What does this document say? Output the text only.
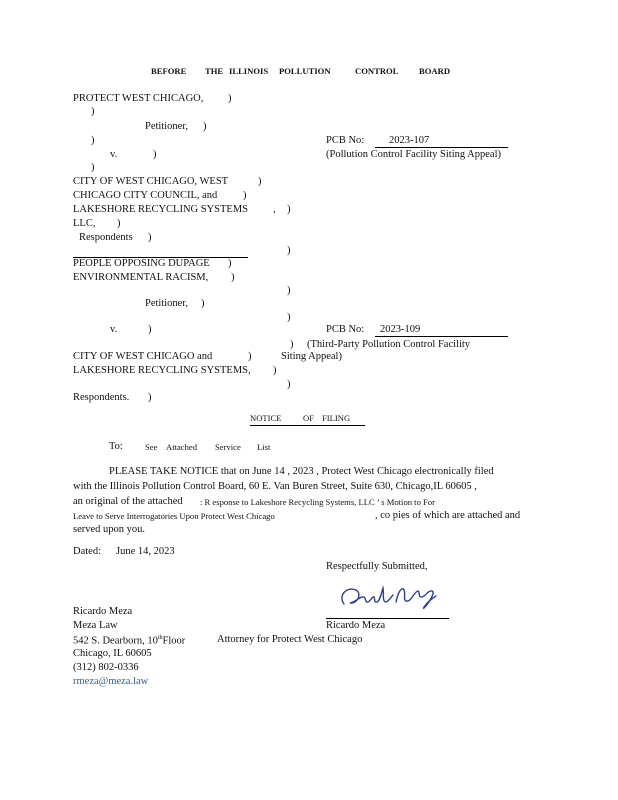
BEFORE THE ILLINOIS POLLUTION	CONTROL BOARD
PROTECT WEST CHICAGO, )
)
Petitioner, )
)	PCB No: 2023-107
(Pollution Control Facility Siting Appeal)
v.	)
)
CITY OF WEST CHICAGO, WEST	)
CHICAGO CITY COUNCIL, and )
LAKESHORE RECYCLING SYSTEMS , )
LLC, )
Respondents )
)
PEOPLE OPPOSING DUPAGE )
ENVIRONMENTAL RACISM, )
)
Petitioner, )
)
v.	)	PCB No: 2023-109
) (Third-Party Pollution Control Facility
CITY OF WEST CHICAGO and	)	Siting Appeal)
LAKESHORE RECYCLING SYSTEMS, )
)
Respondents. )
NOTICE OF FILING
To:	See Attached Service List
PLEASE TAKE NOTICE that on June 14 , 2023 , Protect West Chicago electronically filed
with the Illinois Pollution Control Board, 60 E. Van Buren Street, Suite 630, Chicago,IL 60605 ,
an original of the attached : R esponse to Lakeshore Recycling Systems, LLC ’ s Motion to For
Leave to Serve Interrogatories Upon Protect West Chicago	, co pies of which are attached and
served upon you.
Dated: June 14, 2023
Respectfully Submitted,
Ricardo Meza
Attorney for Protect West Chicago
Ricardo Meza
Meza Law
542 S. Dearborn, 10thFloor
Chicago, IL 60605
(312) 802-0336
rmeza@meza.law
